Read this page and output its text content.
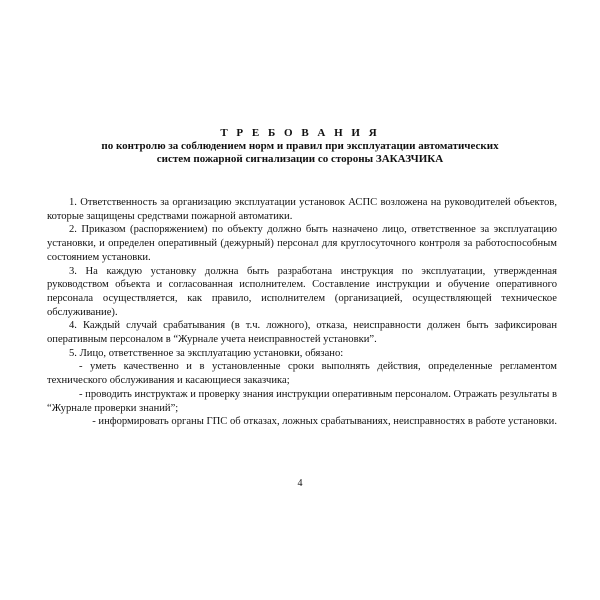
Т Р Е Б О В А Н И Я
по контролю за соблюдением норм и правил при эксплуатации автоматических
систем пожарной сигнализации со стороны ЗАКАЗЧИКА

1. Ответственность за организацию эксплуатации установок АСПС возложена на руководителей объектов, которые защищены средствами пожарной автоматики.

2. Приказом (распоряжением) по объекту должно быть назначено лицо, ответственное за эксплуатацию установки, и определен оперативный (дежурный) персонал для круглосуточного контроля за работоспособным состоянием установки.

3. На каждую установку должна быть разработана инструкция по эксплуатации, утвержденная руководством объекта и согласованная исполнителем. Составление инструкции и обучение оперативного персонала осуществляется, как правило, исполнителем (организацией, осуществляющей техническое обслуживание).

4. Каждый случай срабатывания (в т.ч. ложного), отказа, неисправности должен быть зафиксирован оперативным персоналом в “Журнале учета неисправностей установки”.

5. Лицо, ответственное за эксплуатацию установки, обязано:

- уметь качественно и в установленные сроки выполнять действия, определенные регламентом технического обслуживания и касающиеся заказчика;

- проводить инструктаж и проверку знания инструкции оперативным персоналом. Отражать результаты в “Журнале проверки знаний”;

- информировать органы ГПС об отказах, ложных срабатываниях, неисправностях в работе установки.

4
